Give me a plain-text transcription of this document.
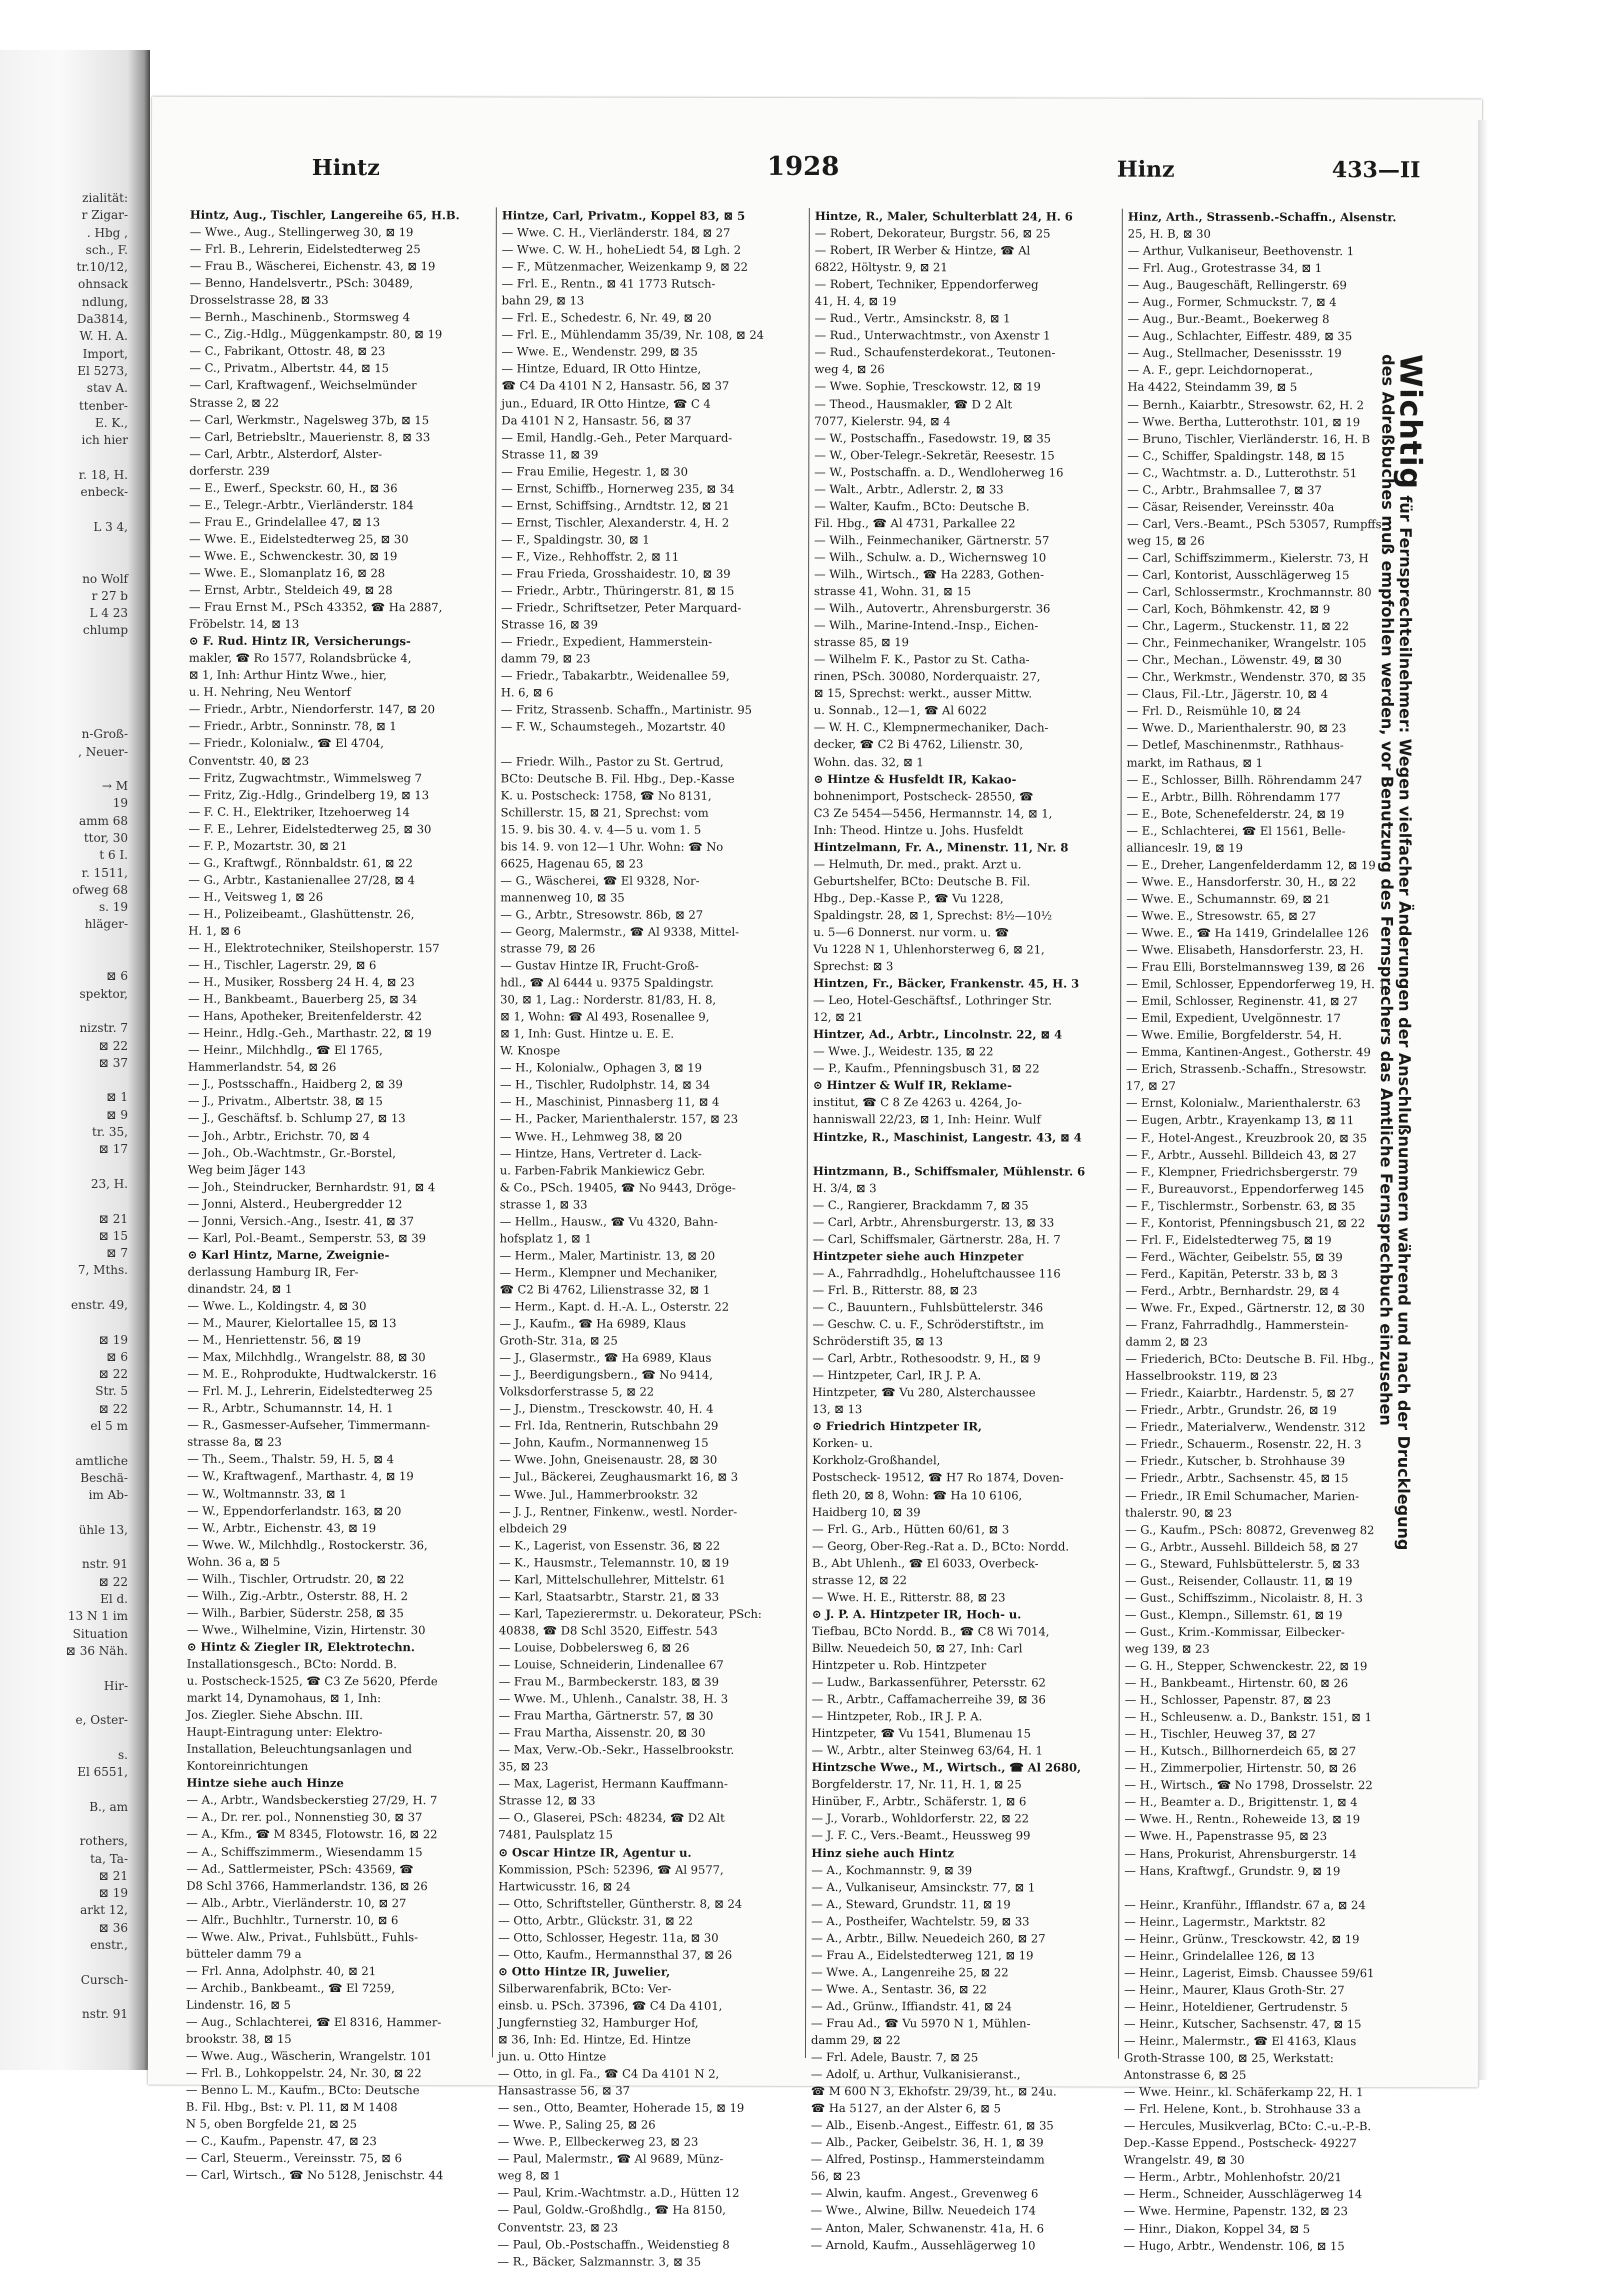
zialität:
r Zigar-
. Hbg ,
sch., F.
tr.10/12,
ohnsack
ndlung,
Da3814,
W. H. A.
Import,
El 5273,
stav A.
ttenber-
E. K.,
ich hier

r. 18, H.
enbeck-

L 3 4,

no Wolf
r 27 b
L 4 23
chlump

n-Groß-
, Neuer-

→ M
19
amm 68
ttor, 30
t 6 I.
r. 1511,
ofweg 68
s. 19
hläger-

⊠ 6
spektor,

nizstr. 7
⊠ 22
⊠ 37

⊠ 1
⊠ 9
tr. 35,
⊠ 17

23, H.

⊠ 21
⊠ 15
⊠ 7
7, Mths.

enstr. 49,

⊠ 19
⊠ 6
⊠ 22
Str. 5
⊠ 22
el 5 m

amtliche
Beschä-
im Ab-

ühle 13,

nstr. 91
⊠ 22
El d.
13 N 1 im
Situation
⊠ 36 Näh.

Hir-

e, Oster-

s.
El 6551,

B., am

rothers,
ta, Ta-
⊠ 21
⊠ 19
arkt 12,
⊠ 36
enstr.,

Cursch-

nstr. 91
Hintz	1928	Hinz	433—II
Hintz, Aug., Tischler, Langereihe 65, H.B.
— Wwe., Aug., Stellingerweg 30, ⊠ 19
— Frl. B., Lehrerin, Eidelstedterweg 25
— Frau B., Wäscherei, Eichenstr. 43, ⊠ 19
— Benno, Handelsvertr., PSch: 30489,
Drosselstrasse 28, ⊠ 33
— Bernh., Maschinenb., Stormsweg 4
— C., Zig.-Hdlg., Müggenkampstr. 80, ⊠ 19
— C., Fabrikant, Ottostr. 48, ⊠ 23
— C., Privatm., Albertstr. 44, ⊠ 15
— Carl, Kraftwagenf., Weichselmünder
Strasse 2, ⊠ 22
— Carl, Werkmstr., Nagelsweg 37b, ⊠ 15
— Carl, Betriebsltr., Mauerienstr. 8, ⊠ 33
— Carl, Arbtr., Alsterdorf, Alster-
dorferstr. 239
— E., Ewerf., Speckstr. 60, H., ⊠ 36
— E., Telegr.-Arbtr., Vierländerstr. 184
— Frau E., Grindelallee 47, ⊠ 13
— Wwe. E., Eidelstedterweg 25, ⊠ 30
— Wwe. E., Schwenckestr. 30, ⊠ 19
— Wwe. E., Slomanplatz 16, ⊠ 28
— Ernst, Arbtr., Steldeich 49, ⊠ 28
— Frau Ernst M., PSch 43352, ☎ Ha 2887,
Fröbelstr. 14, ⊠ 13
⊙ F. Rud. Hintz IR, Versicherungs-
makler, ☎ Ro 1577, Rolandsbrücke 4,
⊠ 1, Inh: Arthur Hintz Wwe., hier,
u. H. Nehring, Neu Wentorf
— Friedr., Arbtr., Niendorferstr. 147, ⊠ 20
— Friedr., Arbtr., Sonninstr. 78, ⊠ 1
— Friedr., Kolonialw., ☎ El 4704,
Conventstr. 40, ⊠ 23
— Fritz, Zugwachtmstr., Wimmelsweg 7
— Fritz, Zig.-Hdlg., Grindelberg 19, ⊠ 13
— F. C. H., Elektriker, Itzehoerweg 14
— F. E., Lehrer, Eidelstedterweg 25, ⊠ 30
— F. P., Mozartstr. 30, ⊠ 21
— G., Kraftwgf., Rönnbaldstr. 61, ⊠ 22
— G., Arbtr., Kastanienallee 27/28, ⊠ 4
— H., Veitsweg 1, ⊠ 26
— H., Polizeibeamt., Glashüttenstr. 26,
H. 1, ⊠ 6
— H., Elektrotechniker, Steilshoperstr. 157
— H., Tischler, Lagerstr. 29, ⊠ 6
— H., Musiker, Rossberg 24 H. 4, ⊠ 23
— H., Bankbeamt., Bauerberg 25, ⊠ 34
— Hans, Apotheker, Breitenfelderstr. 42
— Heinr., Hdlg.-Geh., Marthastr. 22, ⊠ 19
— Heinr., Milchhdlg., ☎ El 1765,
Hammerlandstr. 54, ⊠ 26
— J., Postsschaffn., Haidberg 2, ⊠ 39
— J., Privatm., Albertstr. 38, ⊠ 15
— J., Geschäftsf. b. Schlump 27, ⊠ 13
— Joh., Arbtr., Erichstr. 70, ⊠ 4
— Joh., Ob.-Wachtmstr., Gr.-Borstel,
Weg beim Jäger 143
— Joh., Steindrucker, Bernhardstr. 91, ⊠ 4
— Jonni, Alsterd., Heubergredder 12
— Jonni, Versich.-Ang., Isestr. 41, ⊠ 37
— Karl, Pol.-Beamt., Semperstr. 53, ⊠ 39
⊙ Karl Hintz, Marne, Zweignie-
derlassung Hamburg IR, Fer-
dinandstr. 24, ⊠ 1
— Wwe. L., Koldingstr. 4, ⊠ 30
— M., Maurer, Kielortallee 15, ⊠ 13
— M., Henriettenstr. 56, ⊠ 19
— Max, Milchhdlg., Wrangelstr. 88, ⊠ 30
— M. E., Rohprodukte, Hudtwalckerstr. 16
— Frl. M. J., Lehrerin, Eidelstedterweg 25
— R., Arbtr., Schumannstr. 14, H. 1
— R., Gasmesser-Aufseher, Timmermann-
strasse 8a, ⊠ 23
— Th., Seem., Thalstr. 59, H. 5, ⊠ 4
— W., Kraftwagenf., Marthastr. 4, ⊠ 19
— W., Woltmannstr. 33, ⊠ 1
— W., Eppendorferlandstr. 163, ⊠ 20
— W., Arbtr., Eichenstr. 43, ⊠ 19
— Wwe. W., Milchhdlg., Rostockerstr. 36,
Wohn. 36 a, ⊠ 5
— Wilh., Tischler, Ortrudstr. 20, ⊠ 22
— Wilh., Zig.-Arbtr., Osterstr. 88, H. 2
— Wilh., Barbier, Süderstr. 258, ⊠ 35
— Wwe., Wilhelmine, Vizin, Hirtenstr. 30
⊙ Hintz & Ziegler IR, Elektrotechn.
Installationsgesch., BCto: Nordd. B.
u. Postscheck-1525, ☎ C3 Ze 5620, Pferde
markt 14, Dynamohaus, ⊠ 1, Inh:
Jos. Ziegler. Siehe Abschn. III.
Haupt-Eintragung unter: Elektro-
Installation, Beleuchtungsanlagen und
Kontoreinrichtungen
Hintze siehe auch Hinze
— A., Arbtr., Wandsbeckerstieg 27/29, H. 7
— A., Dr. rer. pol., Nonnenstieg 30, ⊠ 37
— A., Kfm., ☎ M 8345, Flotowstr. 16, ⊠ 22
— A., Schiffszimmerm., Wiesendamm 15
— Ad., Sattlermeister, PSch: 43569, ☎
D8 Schl 3766, Hammerlandstr. 136, ⊠ 26
— Alb., Arbtr., Vierländerstr. 10, ⊠ 27
— Alfr., Buchhltr., Turnerstr. 10, ⊠ 6
— Wwe. Alw., Privat., Fuhlsbütt., Fuhls-
bütteler damm 79 a
— Frl. Anna, Adolphstr. 40, ⊠ 21
— Archib., Bankbeamt., ☎ El 7259,
Lindenstr. 16, ⊠ 5
— Aug., Schlachterei, ☎ El 8316, Hammer-
brookstr. 38, ⊠ 15
— Wwe. Aug., Wäscherin, Wrangelstr. 101
— Frl. B., Lohkoppelstr. 24, Nr. 30, ⊠ 22
— Benno L. M., Kaufm., BCto: Deutsche
B. Fil. Hbg., Bst: v. Pl. 11, ⊠ M 1408
N 5, oben Borgfelde 21, ⊠ 25
— C., Kaufm., Papenstr. 47, ⊠ 23
— Carl, Steuerm., Vereinsstr. 75, ⊠ 6
— Carl, Wirtsch., ☎ No 5128, Jenischstr. 44
Hintze, Carl, Privatm., Koppel 83, ⊠ 5
— Wwe. C. H., Vierländerstr. 184, ⊠ 27
— Wwe. C. W. H., hoheLiedt 54, ⊠ Lgh. 2
— F., Mützenmacher, Weizenkamp 9, ⊠ 22
— Frl. E., Rentn., ⊠ 41 1773 Rutsch-
bahn 29, ⊠ 13
— Frl. E., Schedestr. 6, Nr. 49, ⊠ 20
— Frl. E., Mühlendamm 35/39, Nr. 108, ⊠ 24
— Wwe. E., Wendenstr. 299, ⊠ 35
— Hintze, Eduard, IR Otto Hintze,
☎ C4 Da 4101 N 2, Hansastr. 56, ⊠ 37
jun., Eduard, IR Otto Hintze, ☎ C 4
Da 4101 N 2, Hansastr. 56, ⊠ 37
— Emil, Handlg.-Geh., Peter Marquard-
Strasse 11, ⊠ 39
— Frau Emilie, Hegestr. 1, ⊠ 30
— Ernst, Schiffb., Hornerweg 235, ⊠ 34
— Ernst, Schiffsing., Arndtstr. 12, ⊠ 21
— Ernst, Tischler, Alexanderstr. 4, H. 2
— F., Spaldingstr. 30, ⊠ 1
— F., Vize., Rehhoffstr. 2, ⊠ 11
— Frau Frieda, Grosshaidestr. 10, ⊠ 39
— Friedr., Arbtr., Thüringerstr. 81, ⊠ 15
— Friedr., Schriftsetzer, Peter Marquard-
Strasse 16, ⊠ 39
— Friedr., Expedient, Hammerstein-
damm 79, ⊠ 23
— Friedr., Tabakarbtr., Weidenallee 59,
H. 6, ⊠ 6
— Fritz, Strassenb. Schaffn., Martinistr. 95
— F. W., Schaumstegeh., Mozartstr. 40

— Friedr. Wilh., Pastor zu St. Gertrud,
BCto: Deutsche B. Fil. Hbg., Dep.-Kasse
K. u. Postscheck: 1758, ☎ No 8131,
Schillerstr. 15, ⊠ 21, Sprechst: vom
15. 9. bis 30. 4. v. 4—5 u. vom 1. 5
bis 14. 9. von 12—1 Uhr. Wohn: ☎ No
6625, Hagenau 65, ⊠ 23
— G., Wäscherei, ☎ El 9328, Nor-
mannenweg 10, ⊠ 35
— G., Arbtr., Stresowstr. 86b, ⊠ 27
— Georg, Malermstr., ☎ Al 9338, Mittel-
strasse 79, ⊠ 26
— Gustav Hintze IR, Frucht-Groß-
hdl., ☎ Al 6444 u. 9375 Spaldingstr.
30, ⊠ 1, Lag.: Norderstr. 81/83, H. 8,
⊠ 1, Wohn: ☎ Al 493, Rosenallee 9,
⊠ 1, Inh: Gust. Hintze u. E. E.
W. Knospe
— H., Kolonialw., Ophagen 3, ⊠ 19
— H., Tischler, Rudolphstr. 14, ⊠ 34
— H., Maschinist, Pinnasberg 11, ⊠ 4
— H., Packer, Marienthalerstr. 157, ⊠ 23
— Wwe. H., Lehmweg 38, ⊠ 20
— Hintze, Hans, Vertreter d. Lack-
u. Farben-Fabrik Mankiewicz Gebr.
& Co., PSch. 19405, ☎ No 9443, Dröge-
strasse 1, ⊠ 33
— Hellm., Hausw., ☎ Vu 4320, Bahn-
hofsplatz 1, ⊠ 1
— Herm., Maler, Martinistr. 13, ⊠ 20
— Herm., Klempner und Mechaniker,
☎ C2 Bi 4762, Lilienstrasse 32, ⊠ 1
— Herm., Kapt. d. H.-A. L., Osterstr. 22
— J., Kaufm., ☎ Ha 6989, Klaus
Groth-Str. 31a, ⊠ 25
— J., Glasermstr., ☎ Ha 6989, Klaus
— J., Beerdigungsbern., ☎ No 9414,
Volksdorferstrasse 5, ⊠ 22
— J., Dienstm., Tresckowstr. 40, H. 4
— Frl. Ida, Rentnerin, Rutschbahn 29
— John, Kaufm., Normannenweg 15
— Wwe. John, Gneisenaustr. 28, ⊠ 30
— Jul., Bäckerei, Zeughausmarkt 16, ⊠ 3
— Wwe. Jul., Hammerbrookstr. 32
— J. J., Rentner, Finkenw., westl. Norder-
elbdeich 29
— K., Lagerist, von Essenstr. 36, ⊠ 22
— K., Hausmstr., Telemannstr. 10, ⊠ 19
— Karl, Mittelschullehrer, Mittelstr. 61
— Karl, Staatsarbtr., Starstr. 21, ⊠ 33
— Karl, Tapezierermstr. u. Dekorateur, PSch:
40838, ☎ D8 Schl 3520, Eiffestr. 543
— Louise, Dobbelersweg 6, ⊠ 26
— Louise, Schneiderin, Lindenallee 67
— Frau M., Barmbeckerstr. 183, ⊠ 39
— Wwe. M., Uhlenh., Canalstr. 38, H. 3
— Frau Martha, Gärtnerstr. 57, ⊠ 30
— Frau Martha, Aissenstr. 20, ⊠ 30
— Max, Verw.-Ob.-Sekr., Hasselbrookstr.
35, ⊠ 23
— Max, Lagerist, Hermann Kauffmann-
Strasse 12, ⊠ 33
— O., Glaserei, PSch: 48234, ☎ D2 Alt
7481, Paulsplatz 15
⊙ Oscar Hintze IR, Agentur u.
Kommission, PSch: 52396, ☎ Al 9577,
Hartwicusstr. 16, ⊠ 24
— Otto, Schriftsteller, Güntherstr. 8, ⊠ 24
— Otto, Arbtr., Glückstr. 31, ⊠ 22
— Otto, Schlosser, Hegestr. 11a, ⊠ 30
— Otto, Kaufm., Hermannsthal 37, ⊠ 26
⊙ Otto Hintze IR, Juwelier,
Silberwarenfabrik, BCto: Ver-
einsb. u. PSch. 37396, ☎ C4 Da 4101,
Jungfernstieg 32, Hamburger Hof,
⊠ 36, Inh: Ed. Hintze, Ed. Hintze
jun. u. Otto Hintze
— Otto, in gl. Fa., ☎ C4 Da 4101 N 2,
Hansastrasse 56, ⊠ 37
— sen., Otto, Beamter, Hoherade 15, ⊠ 19
— Wwe. P., Saling 25, ⊠ 26
— Wwe. P., Ellbeckerweg 23, ⊠ 23
— Paul, Malermstr., ☎ Al 9689, Münz-
weg 8, ⊠ 1
— Paul, Krim.-Wachtmstr. a.D., Hütten 12
— Paul, Goldw.-Großhdlg., ☎ Ha 8150,
Conventstr. 23, ⊠ 23
— Paul, Ob.-Postschaffn., Weidenstieg 8
— R., Bäcker, Salzmannstr. 3, ⊠ 35
Hintze, R., Maler, Schulterblatt 24, H. 6
— Robert, Dekorateur, Burgstr. 56, ⊠ 25
— Robert, IR Werber & Hintze, ☎ Al
6822, Höltystr. 9, ⊠ 21
— Robert, Techniker, Eppendorferweg
41, H. 4, ⊠ 19
— Rud., Vertr., Amsinckstr. 8, ⊠ 1
— Rud., Unterwachtmstr., von Axenstr 1
— Rud., Schaufensterdekorat., Teutonen-
weg 4, ⊠ 26
— Wwe. Sophie, Tresckowstr. 12, ⊠ 19
— Theod., Hausmakler, ☎ D 2 Alt
7077, Kielerstr. 94, ⊠ 4
— W., Postschaffn., Fasedowstr. 19, ⊠ 35
— W., Ober-Telegr.-Sekretär, Reesestr. 15
— W., Postschaffn. a. D., Wendloherweg 16
— Walt., Arbtr., Adlerstr. 2, ⊠ 33
— Walter, Kaufm., BCto: Deutsche B.
Fil. Hbg., ☎ Al 4731, Parkallee 22
— Wilh., Feinmechaniker, Gärtnerstr. 57
— Wilh., Schulw. a. D., Wichernsweg 10
— Wilh., Wirtsch., ☎ Ha 2283, Gothen-
strasse 41, Wohn. 31, ⊠ 15
— Wilh., Autovertr., Ahrensburgerstr. 36
— Wilh., Marine-Intend.-Insp., Eichen-
strasse 85, ⊠ 19
— Wilhelm F. K., Pastor zu St. Catha-
rinen, PSch. 30080, Norderquaistr. 27,
⊠ 15, Sprechst: werkt., ausser Mittw.
u. Sonnab., 12—1, ☎ Al 6022
— W. H. C., Klempnermechaniker, Dach-
decker, ☎ C2 Bi 4762, Lilienstr. 30,
Wohn. das. 32, ⊠ 1
⊙ Hintze & Husfeldt IR, Kakao-
bohnenimport, Postscheck- 28550, ☎
C3 Ze 5454—5456, Hermannstr. 14, ⊠ 1,
Inh: Theod. Hintze u. Johs. Husfeldt
Hintzelmann, Fr. A., Minenstr. 11, Nr. 8
— Helmuth, Dr. med., prakt. Arzt u.
Geburtshelfer, BCto: Deutsche B. Fil.
Hbg., Dep.-Kasse P., ☎ Vu 1228,
Spaldingstr. 28, ⊠ 1, Sprechst: 8½—10½
u. 5—6 Donnerst. nur vorm. u. ☎
Vu 1228 N 1, Uhlenhorsterweg 6, ⊠ 21,
Sprechst: ⊠ 3
Hintzen, Fr., Bäcker, Frankenstr. 45, H. 3
— Leo, Hotel-Geschäftsf., Lothringer Str.
12, ⊠ 21
Hintzer, Ad., Arbtr., Lincolnstr. 22, ⊠ 4
— Wwe. J., Weidestr. 135, ⊠ 22
— P., Kaufm., Pfenningsbusch 31, ⊠ 22
⊙ Hintzer & Wulf IR, Reklame-
institut, ☎ C 8 Ze 4263 u. 4264, Jo-
hanniswall 22/23, ⊠ 1, Inh: Heinr. Wulf
Hintzke, R., Maschinist, Langestr. 43, ⊠ 4

Hintzmann, B., Schiffsmaler, Mühlenstr. 6
H. 3/4, ⊠ 3
— C., Rangierer, Brackdamm 7, ⊠ 35
— Carl, Arbtr., Ahrensburgerstr. 13, ⊠ 33
— Carl, Schiffsmaler, Gärtnerstr. 28a, H. 7
Hintzpeter siehe auch Hinzpeter
— A., Fahrradhdlg., Hoheluftchaussee 116
— Frl. B., Ritterstr. 88, ⊠ 23
— C., Bauuntern., Fuhlsbüttelerstr. 346
— Geschw. C. u. F., Schröderstiftstr., im
Schröderstift 35, ⊠ 13
— Carl, Arbtr., Rothesoodstr. 9, H., ⊠ 9
— Hintzpeter, Carl, IR J. P. A.
Hintzpeter, ☎ Vu 280, Alsterchaussee
13, ⊠ 13
⊙ Friedrich Hintzpeter IR,
Korken- u.
Korkholz-Großhandel,
Postscheck- 19512, ☎ H7 Ro 1874, Doven-
fleth 20, ⊠ 8, Wohn: ☎ Ha 10 6106,
Haidberg 10, ⊠ 39
— Frl. G., Arb., Hütten 60/61, ⊠ 3
— Georg, Ober-Reg.-Rat a. D., BCto: Nordd.
B., Abt Uhlenh., ☎ El 6033, Overbeck-
strasse 12, ⊠ 22
— Wwe. H. E., Ritterstr. 88, ⊠ 23
⊙ J. P. A. Hintzpeter IR, Hoch- u.
Tiefbau, BCto Nordd. B., ☎ C8 Wi 7014,
Billw. Neuedeich 50, ⊠ 27, Inh: Carl
Hintzpeter u. Rob. Hintzpeter
— Ludw., Barkassenführer, Petersstr. 62
— R., Arbtr., Caffamacherreihe 39, ⊠ 36
— Hintzpeter, Rob., IR J. P. A.
Hintzpeter, ☎ Vu 1541, Blumenau 15
— W., Arbtr., alter Steinweg 63/64, H. 1
Hintzsche Wwe., M., Wirtsch., ☎ Al 2680,
Borgfelderstr. 17, Nr. 11, H. 1, ⊠ 25
Hinüber, F., Arbtr., Schäferstr. 1, ⊠ 6
— J., Vorarb., Wohldorferstr. 22, ⊠ 22
— J. F. C., Vers.-Beamt., Heussweg 99
Hinz siehe auch Hintz
— A., Kochmannstr. 9, ⊠ 39
— A., Vulkaniseur, Amsinckstr. 77, ⊠ 1
— A., Steward, Grundstr. 11, ⊠ 19
— A., Postheifer, Wachtelstr. 59, ⊠ 33
— A., Arbtr., Billw. Neuedeich 260, ⊠ 27
— Frau A., Eidelstedterweg 121, ⊠ 19
— Wwe. A., Langenreihe 25, ⊠ 22
— Wwe. A., Sentastr. 36, ⊠ 22
— Ad., Grünw., Iffiandstr. 41, ⊠ 24
— Frau Ad., ☎ Vu 5970 N 1, Mühlen-
damm 29, ⊠ 22
— Frl. Adele, Baustr. 7, ⊠ 25
— Adolf, u. Arthur, Vulkanisieranst.,
☎ M 600 N 3, Ekhofstr. 29/39, ht., ⊠ 24u.
☎ Ha 5127, an der Alster 6, ⊠ 5
— Alb., Eisenb.-Angest., Eiffestr. 61, ⊠ 35
— Alb., Packer, Geibelstr. 36, H. 1, ⊠ 39
— Alfred, Postinsp., Hammersteindamm
56, ⊠ 23
— Alwin, kaufm. Angest., Grevenweg 6
— Wwe., Alwine, Billw. Neuedeich 174
— Anton, Maler, Schwanenstr. 41a, H. 6
— Arnold, Kaufm., Aussehlägerweg 10
Hinz, Arth., Strassenb.-Schaffn., Alsenstr.
25, H. B, ⊠ 30
— Arthur, Vulkaniseur, Beethovenstr. 1
— Frl. Aug., Grotestrasse 34, ⊠ 1
— Aug., Baugeschäft, Rellingerstr. 69
— Aug., Former, Schmuckstr. 7, ⊠ 4
— Aug., Bur.-Beamt., Boekerweg 8
— Aug., Schlachter, Eiffestr. 489, ⊠ 35
— Aug., Stellmacher, Desenissstr. 19
— A. F., gepr. Leichdornoperat.,
Ha 4422, Steindamm 39, ⊠ 5
— Bernh., Kaiarbtr., Stresowstr. 62, H. 2
— Wwe. Bertha, Lutterothstr. 101, ⊠ 19
— Bruno, Tischler, Vierländerstr. 16, H. B
— C., Schiffer, Spaldingstr. 148, ⊠ 15
— C., Wachtmstr. a. D., Lutterothstr. 51
— C., Arbtr., Brahmsallee 7, ⊠ 37
— Cäsar, Reisender, Vereinsstr. 40a
— Carl, Vers.-Beamt., PSch 53057, Rumpffs-
weg 15, ⊠ 26
— Carl, Schiffszimmerm., Kielerstr. 73, H
— Carl, Kontorist, Ausschlägerweg 15
— Carl, Schlossermstr., Krochmannstr. 80
— Carl, Koch, Böhmkenstr. 42, ⊠ 9
— Chr., Lagerm., Stuckenstr. 11, ⊠ 22
— Chr., Feinmechaniker, Wrangelstr. 105
— Chr., Mechan., Löwenstr. 49, ⊠ 30
— Chr., Werkmstr., Wendenstr. 370, ⊠ 35
— Claus, Fil.-Ltr., Jägerstr. 10, ⊠ 4
— Frl. D., Reismühle 10, ⊠ 24
— Wwe. D., Marienthalerstr. 90, ⊠ 23
— Detlef, Maschinenmstr., Rathhaus-
markt, im Rathaus, ⊠ 1
— E., Schlosser, Billh. Röhrendamm 247
— E., Arbtr., Billh. Röhrendamm 177
— E., Bote, Schenefelderstr. 24, ⊠ 19
— E., Schlachterei, ☎ El 1561, Belle-
allianceslr. 19, ⊠ 19
— E., Dreher, Langenfelderdamm 12, ⊠ 19
— Wwe. E., Hansdorferstr. 30, H., ⊠ 22
— Wwe. E., Schumannstr. 69, ⊠ 21
— Wwe. E., Stresowstr. 65, ⊠ 27
— Wwe. E., ☎ Ha 1419, Grindelallee 126
— Wwe. Elisabeth, Hansdorferstr. 23, H.
— Frau Elli, Borstelmannsweg 139, ⊠ 26
— Emil, Schlosser, Eppendorferweg 19, H. 1
— Emil, Schlosser, Reginenstr. 41, ⊠ 27
— Emil, Expedient, Uvelgönnestr. 17
— Wwe. Emilie, Borgfelderstr. 54, H.
— Emma, Kantinen-Angest., Gotherstr. 49
— Erich, Strassenb.-Schaffn., Stresowstr.
17, ⊠ 27
— Ernst, Kolonialw., Marienthalerstr. 63
— Eugen, Arbtr., Krayenkamp 13, ⊠ 11
— F., Hotel-Angest., Kreuzbrook 20, ⊠ 35
— F., Arbtr., Aussehl. Billdeich 43, ⊠ 27
— F., Klempner, Friedrichsbergerstr. 79
— F., Bureauvorst., Eppendorferweg 145
— F., Tischlermstr., Sorbenstr. 63, ⊠ 35
— F., Kontorist, Pfenningsbusch 21, ⊠ 22
— Frl. F., Eidelstedterweg 75, ⊠ 19
— Ferd., Wächter, Geibelstr. 55, ⊠ 39
— Ferd., Kapitän, Peterstr. 33 b, ⊠ 3
— Ferd., Arbtr., Bernhardstr. 29, ⊠ 4
— Wwe. Fr., Exped., Gärtnerstr. 12, ⊠ 30
— Franz, Fahrradhdlg., Hammerstein-
damm 2, ⊠ 23
— Friederich, BCto: Deutsche B. Fil. Hbg.,
Hasselbrookstr. 119, ⊠ 23
— Friedr., Kaiarbtr., Hardenstr. 5, ⊠ 27
— Friedr., Arbtr., Grundstr. 26, ⊠ 19
— Friedr., Materialverw., Wendenstr. 312
— Friedr., Schauerm., Rosenstr. 22, H. 3
— Friedr., Kutscher, b. Strohhause 39
— Friedr., Arbtr., Sachsenstr. 45, ⊠ 15
— Friedr., IR Emil Schumacher, Marien-
thalerstr. 90, ⊠ 23
— G., Kaufm., PSch: 80872, Grevenweg 82
— G., Arbtr., Aussehl. Billdeich 58, ⊠ 27
— G., Steward, Fuhlsbüttelerstr. 5, ⊠ 33
— Gust., Reisender, Collaustr. 11, ⊠ 19
— Gust., Schiffszimm., Nicolaistr. 8, H. 3
— Gust., Klempn., Sillemstr. 61, ⊠ 19
— Gust., Krim.-Kommissar, Eilbecker-
weg 139, ⊠ 23
— G. H., Stepper, Schwenckestr. 22, ⊠ 19
— H., Bankbeamt., Hirtenstr. 60, ⊠ 26
— H., Schlosser, Papenstr. 87, ⊠ 23
— H., Schleusenw. a. D., Bankstr. 151, ⊠ 1
— H., Tischler, Heuweg 37, ⊠ 27
— H., Kutsch., Billhornerdeich 65, ⊠ 27
— H., Zimmerpolier, Hirtenstr. 50, ⊠ 26
— H., Wirtsch., ☎ No 1798, Drosselstr. 22
— H., Beamter a. D., Brigittenstr. 1, ⊠ 4
— Wwe. H., Rentn., Roheweide 13, ⊠ 19
— Wwe. H., Papenstrasse 95, ⊠ 23
— Hans, Prokurist, Ahrensburgerstr. 14
— Hans, Kraftwgf., Grundstr. 9, ⊠ 19

— Heinr., Kranführ., Ifflandstr. 67 a, ⊠ 24
— Heinr., Lagermstr., Marktstr. 82
— Heinr., Grünw., Tresckowstr. 42, ⊠ 19
— Heinr., Grindelallee 126, ⊠ 13
— Heinr., Lagerist, Eimsb. Chaussee 59/61
— Heinr., Maurer, Klaus Groth-Str. 27
— Heinr., Hoteldiener, Gertrudenstr. 5
— Heinr., Kutscher, Sachsenstr. 47, ⊠ 15
— Heinr., Malermstr., ☎ El 4163, Klaus
Groth-Strasse 100, ⊠ 25, Werkstatt:
Antonstrasse 6, ⊠ 25
— Wwe. Heinr., kl. Schäferkamp 22, H. 1
— Frl. Helene, Kont., b. Strohhause 33 a
— Hercules, Musikverlag, BCto: C.-u.-P.-B.
Dep.-Kasse Eppend., Postscheck- 49227
Wrangelstr. 49, ⊠ 30
— Herm., Arbtr., Mohlenhofstr. 20/21
— Herm., Schneider, Ausschlägerweg 14
— Wwe. Hermine, Papenstr. 132, ⊠ 23
— Hinr., Diakon, Koppel 34, ⊠ 5
— Hugo, Arbtr., Wendenstr. 106, ⊠ 15
Wichtig für Fernsprechteilnehmer: Wegen vielfacher Änderungen der Anschlußnummern während und nach der Drucklegung
des Adreßbuches muß empfohlen werden, vor Benutzung des Fernsprechers das Amtliche Fernsprechbuch einzusehen
